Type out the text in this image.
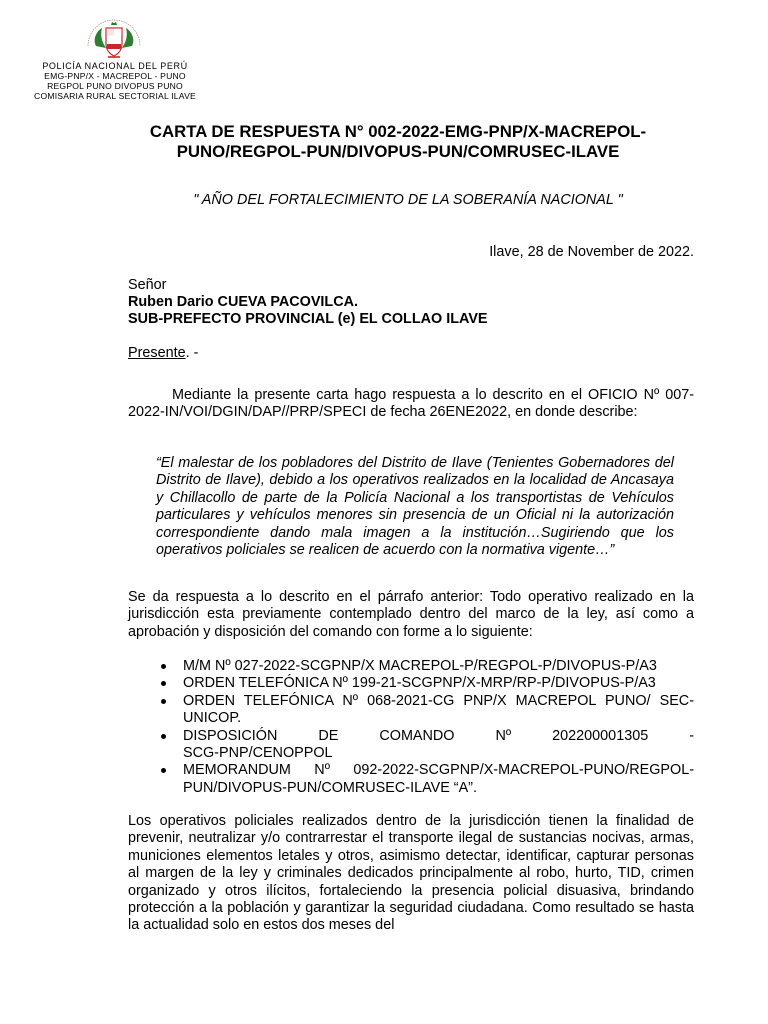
POLICÍA NACIONAL DEL PERÚ
EMG-PNP/X - MACREPOL - PUNO
REGPOL PUNO DIVOPUS PUNO
COMISARIA RURAL SECTORIAL ILAVE
CARTA DE RESPUESTA N° 002-2022-EMG-PNP/X-MACREPOL-
PUNO/REGPOL-PUN/DIVOPUS-PUN/COMRUSEC-ILAVE
" AÑO DEL FORTALECIMIENTO DE LA SOBERANÍA NACIONAL "
Ilave, 28 de November de 2022.
Señor
Ruben Dario CUEVA PACOVILCA.
SUB-PREFECTO PROVINCIAL (e) EL COLLAO ILAVE
Presente. -
Mediante la presente carta hago respuesta a lo descrito en el OFICIO Nº 007-2022-IN/VOI/DGIN/DAP//PRP/SPECI de fecha 26ENE2022, en donde describe:
“El malestar de los pobladores del Distrito de Ilave (Tenientes Gobernadores del Distrito de Ilave), debido a los operativos realizados en la localidad de Ancasaya y Chillacollo de parte de la Policía Nacional a los transportistas de Vehículos particulares y vehículos menores sin presencia de un Oficial ni la autorización correspondiente dando mala imagen a la institución…Sugiriendo que los operativos policiales se realicen de acuerdo con la normativa vigente…”
Se da respuesta a lo descrito en el párrafo anterior: Todo operativo realizado en la jurisdicción esta previamente contemplado dentro del marco de la ley, así como a aprobación y disposición del comando con forme a lo siguiente:
M/M Nº 027-2022-SCGPNP/X MACREPOL-P/REGPOL-P/DIVOPUS-P/A3
ORDEN TELEFÓNICA Nº 199-21-SCGPNP/X-MRP/RP-P/DIVOPUS-P/A3
ORDEN TELEFÓNICA Nº 068-2021-CG PNP/X MACREPOL PUNO/ SEC-UNICOP.
DISPOSICIÓN DE COMANDO Nº 202200001305 -
SCG-PNP/CENOPPOL
MEMORANDUM Nº 092-2022-SCGPNP/X-MACREPOL-PUNO/REGPOL-PUN/DIVOPUS-PUN/COMRUSEC-ILAVE “A”.
Los operativos policiales realizados dentro de la jurisdicción tienen la finalidad de prevenir, neutralizar y/o contrarrestar el transporte ilegal de sustancias nocivas, armas, municiones elementos letales y otros, asimismo detectar, identificar, capturar personas al margen de la ley y criminales dedicados principalmente al robo, hurto, TID, crimen organizado y otros ilícitos, fortaleciendo la presencia policial disuasiva, brindando protección a la población y garantizar la seguridad ciudadana. Como resultado se hasta la actualidad solo en estos dos meses del
